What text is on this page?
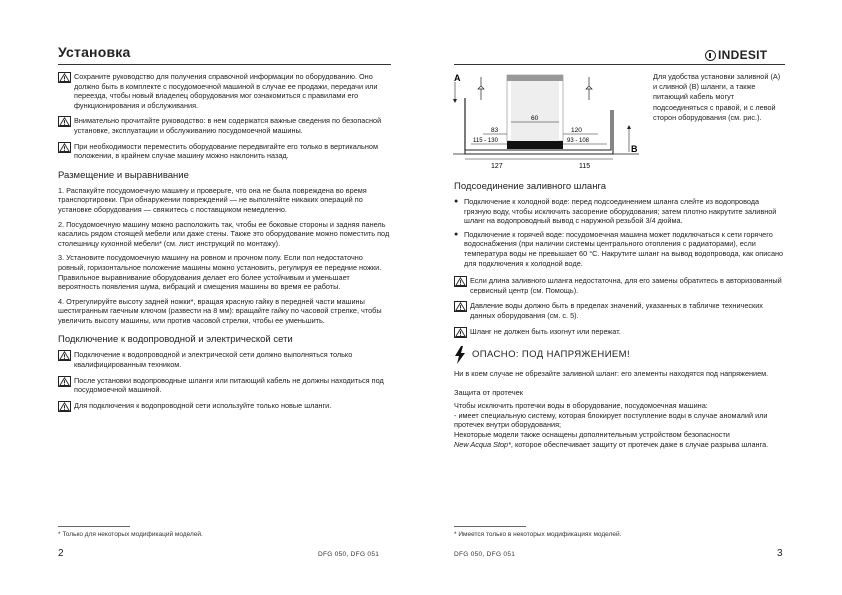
Установка

Сохраните руководство для получения справочной информации по оборудованию. Оно должно быть в комплекте с посудомоечной машиной в случае ее продажи, передачи или переезда, чтобы новый владелец оборудования мог ознакомиться с правилами его функционирования и обслуживания.

Внимательно прочитайте руководство: в нем содержатся важные сведения по безопасной установке, эксплуатации и обслуживанию посудомоечной машины.

При необходимости переместить оборудование передвигайте его только в вертикальном положении, в крайнем случае машину можно наклонить назад.

Размещение и выравнивание

1. Распакуйте посудомоечную машину и проверьте, что она не была повреждена во время транспортировки. При обнаружении повреждений — не выполняйте никаких операций по установке оборудования — свяжитесь с поставщиком немедленно.

2. Посудомоечную машину можно расположить так, чтобы ее боковые стороны и задняя панель касались рядом стоящей мебели или даже стены. Также это оборудование можно поместить под столешницу кухонной мебели* (см. лист инструкций по монтажу).

3. Установите посудомоечную машину на ровном и прочном полу. Если пол недостаточно ровный, горизонтальное положение машины можно установить, регулируя ее передние ножки. Правильное выравнивание оборудования делает его более устойчивым и уменьшает вероятность появления шума, вибраций и смещения машины во время ее работы.

4. Отрегулируйте высоту задней ножки*, вращая красную гайку в передней части машины шестигранным гаечным ключом (развести на 8 мм): вращайте гайку по часовой стрелке, чтобы увеличить высоту машины, или против часовой стрелки, чтобы ее уменьшить.

Подключение к водопроводной и электрической сети

Подключение к водопроводной и электрической сети должно выполняться только квалифицированным техником.

После установки водопроводные шланги или питающий кабель не должны находиться под посудомоечной машиной.

Для подключения к водопроводной сети используйте только новые шланги.

* Только для некоторых модификаций моделей.
2	DFG 050, DFG 051
INDESIT
A
B
60
83	120
115 - 130	93 - 108
127	115
Для удобства установки заливной (A) и сливной (B) шланги, а также питающий кабель могут подсоединяться с правой, и с левой сторон оборудования (см. рис.).
Подсоединение заливного шланга
● Подключение к холодной воде: перед подсоединением шланга слейте из водопровода грязную воду, чтобы исключить засорение оборудования; затем плотно накрутите заливной шланг на водопроводный вывод с наружной резьбой 3/4 дюйма.

● Подключение к горячей воде: посудомоечная машина может подключаться к сети горячего водоснабжения (при наличии системы центрального отопления с радиаторами), если температура воды не превышает 60 °С. Накрутите шланг на вывод водопровода, как описано для подключения к холодной воде.

Если длина заливного шланга недостаточна, для его замены обратитесь в авторизованный сервисный центр (см. Помощь).

Давление воды должно быть в пределах значений, указанных в табличке технических данных оборудования (см. с. 5).

Шланг не должен быть изогнут или пережат.

ОПАСНО: ПОД НАПРЯЖЕНИЕМ!

Ни в коем случае не обрезайте заливной шланг: его элементы находятся под напряжением.

Защита от протечек

Чтобы исключить протечки воды в оборудование, посудомоечная машина:

- имеет специальную систему, которая блокирует поступление воды в случае аномалий или протечек внутри оборудования;

Некоторые модели также оснащены дополнительным устройством безопасности

New Acqua Stop*, которое обеспечивает защиту от протечек даже в случае разрыва шланга.

* Имеется только в некоторых модификациях моделей.
DFG 050, DFG 051	3
